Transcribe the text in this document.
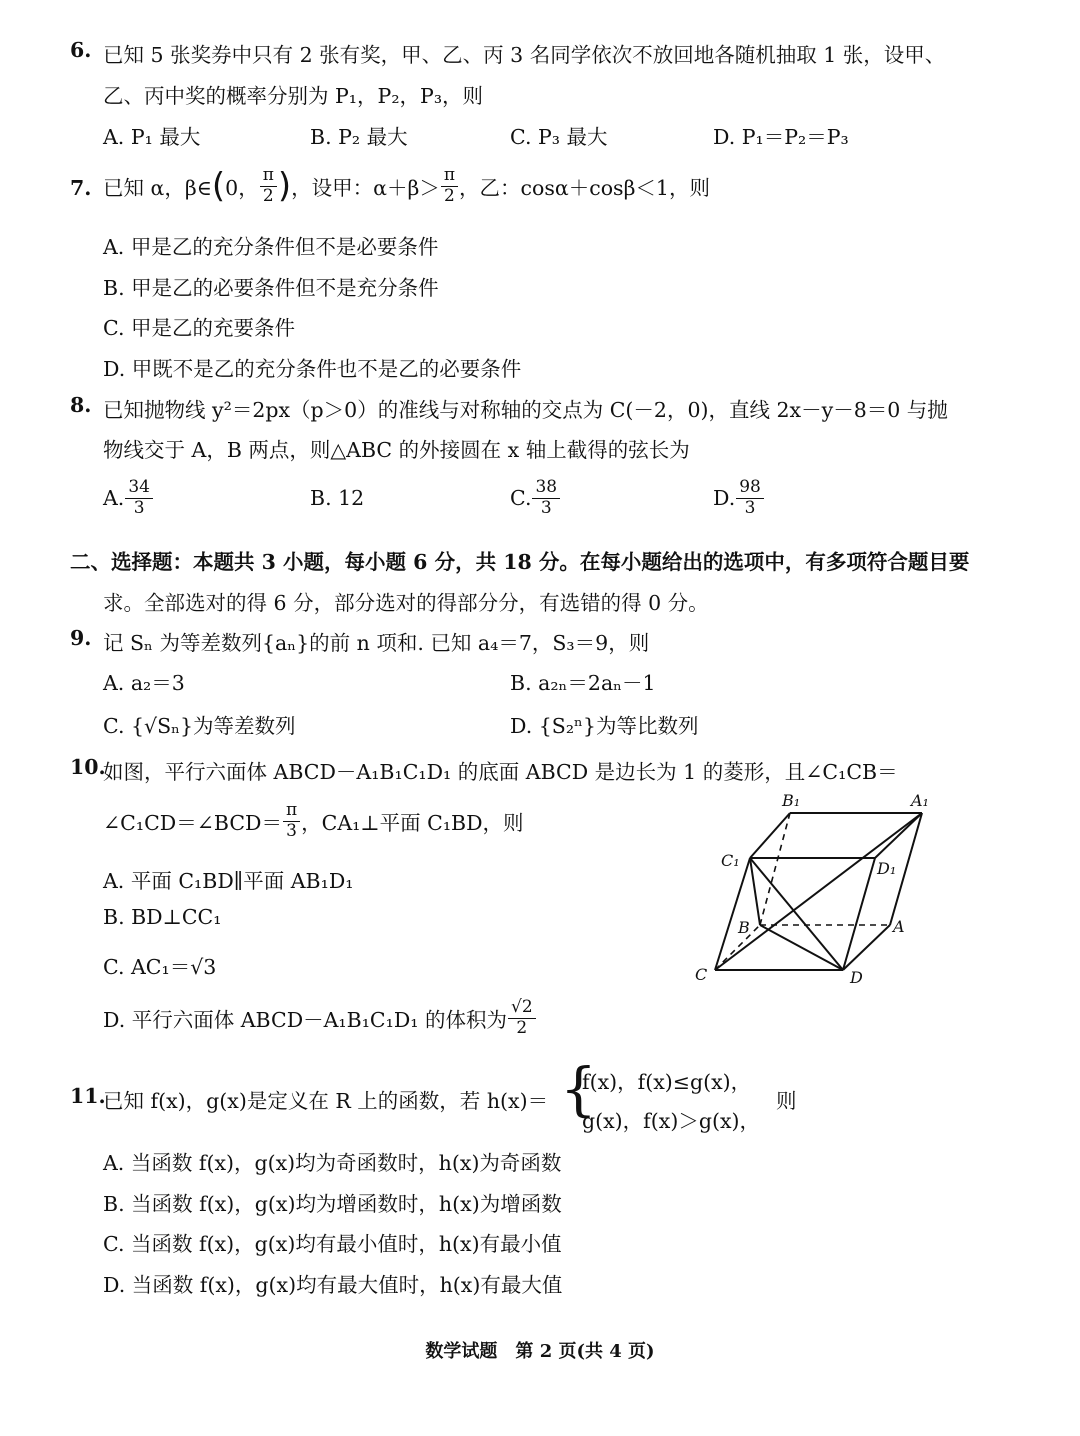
6. 已知 5 张奖券中只有 2 张有奖，甲、乙、丙 3 名同学依次不放回地各随机抽取 1 张，设甲、
乙、丙中奖的概率分别为 P₁，P₂，P₃，则
A. P₁ 最大	B. P₂ 最大	C. P₃ 最大	D. P₁＝P₂＝P₃
7. 已知 α，β∈ ( 0， $\frac{\pi}{2}$ ) ，设甲：$\alpha+\beta> \frac{\pi}{2}$ ，乙：cosα＋cosβ＜1，则
A. 甲是乙的充分条件但不是必要条件
B. 甲是乙的必要条件但不是充分条件
C. 甲是乙的充要条件
D. 甲既不是乙的充分条件也不是乙的必要条件
8. 已知抛物线 y²＝2px（p＞0）的准线与对称轴的交点为 C(－2，0)，直线 2x－y－8＝0 与抛
物线交于 A，B 两点，则△ABC 的外接圆在 x 轴上截得的弦长为
A. $\frac{34}{3}$	B. 12	C. $\frac{38}{3}$	D. $\frac{98}{3}$
二、选择题：本题共 3 小题，每小题 6 分，共 18 分。在每小题给出的选项中，有多项符合题目要
求。全部选对的得 6 分，部分选对的得部分分，有选错的得 0 分。
9. 记 Sₙ 为等差数列{aₙ}的前 n 项和. 已知 a₄＝7，S₃＝9，则
A. a₂＝3	B. a₂ₙ＝2aₙ－1
C. {√Sₙ}为等差数列	D. {S₂ⁿ}为等比数列
10.
如图，平行六面体 ABCD－A₁B₁C₁D₁ 的底面 ABCD 是边长为 1 的菱形，且∠C₁CB＝
∠C₁CD＝∠BCD＝ $\frac{\pi}{3}$ ，CA₁⊥平面 C₁BD，则
A. 平面 C₁BD∥平面 AB₁D₁
B. BD⊥CC₁
C. AC₁＝√3
D. 平行六面体 ABCD－A₁B₁C₁D₁ 的体积为 $\frac{√2}{2}$
B₁	A₁
C₁	D₁
B	A
C	D
11.
已知 f(x)，g(x)是定义在 R 上的函数，若 h(x)＝ {
f(x)，f(x)≤g(x)，
g(x)，f(x)＞g(x)，
则
A. 当函数 f(x)，g(x)均为奇函数时，h(x)为奇函数
B. 当函数 f(x)，g(x)均为增函数时，h(x)为增函数
C. 当函数 f(x)，g(x)均有最小值时，h(x)有最小值
D. 当函数 f(x)，g(x)均有最大值时，h(x)有最大值
数学试题　第 2 页(共 4 页)
